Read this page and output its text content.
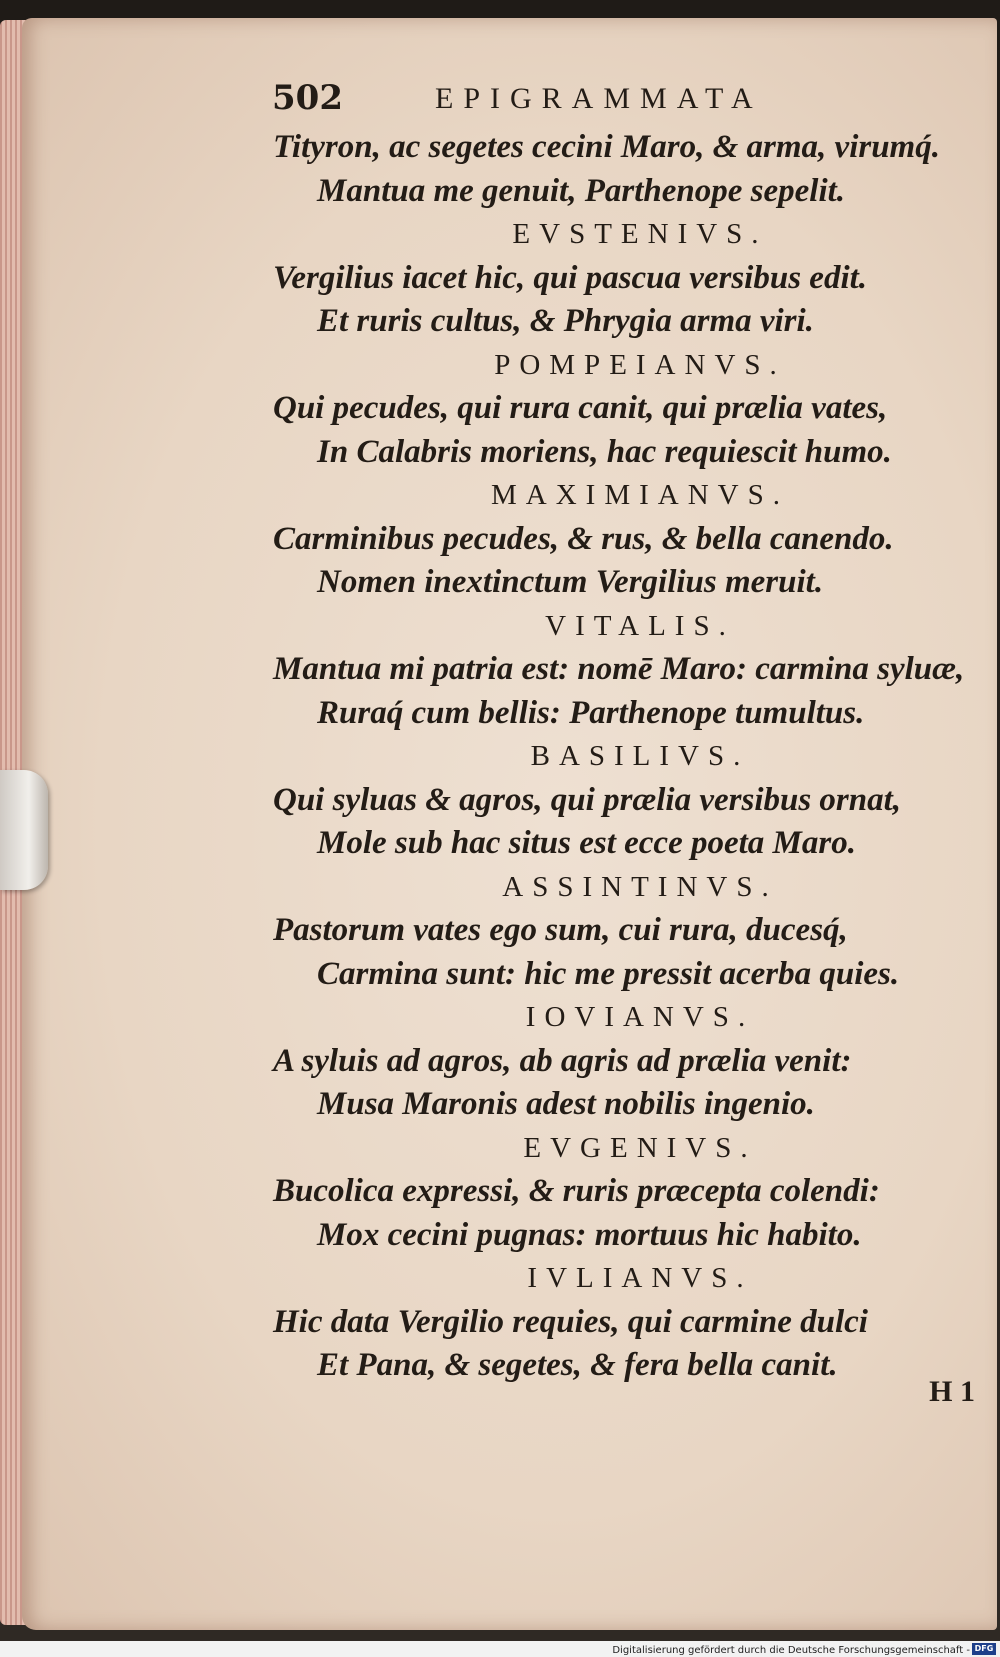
502	EPIGRAMMATA
Tityron, ac segetes cecini Maro, & arma, virumq́.
Mantua me genuit, Parthenope sepelit.
EVSTENIVS.
Vergilius iacet hic, qui pascua versibus edit.
Et ruris cultus, & Phrygia arma viri.
POMPEIANVS.
Qui pecudes, qui rura canit, qui prælia vates,
In Calabris moriens, hac requiescit humo.
MAXIMIANVS.
Carminibus pecudes, & rus, & bella canendo.
Nomen inextinctum Vergilius meruit.
VITALIS.
Mantua mi patria est: nomē Maro: carmina syluæ,
Ruraq́ cum bellis: Parthenope tumultus.
BASILIVS.
Qui syluas & agros, qui prælia versibus ornat,
Mole sub hac situs est ecce poeta Maro.
ASSINTINVS.
Pastorum vates ego sum, cui rura, ducesq́,
Carmina sunt: hic me pressit acerba quies.
IOVIANVS.
A syluis ad agros, ab agris ad prælia venit:
Musa Maronis adest nobilis ingenio.
EVGENIVS.
Bucolica expressi, & ruris præcepta colendi:
Mox cecini pugnas: mortuus hic habito.
IVLIANVS.
Hic data Vergilio requies, qui carmine dulci
Et Pana, & segetes, & fera bella canit.
H 1
Digitalisierung gefördert durch die Deutsche Forschungsgemeinschaft - DFG
